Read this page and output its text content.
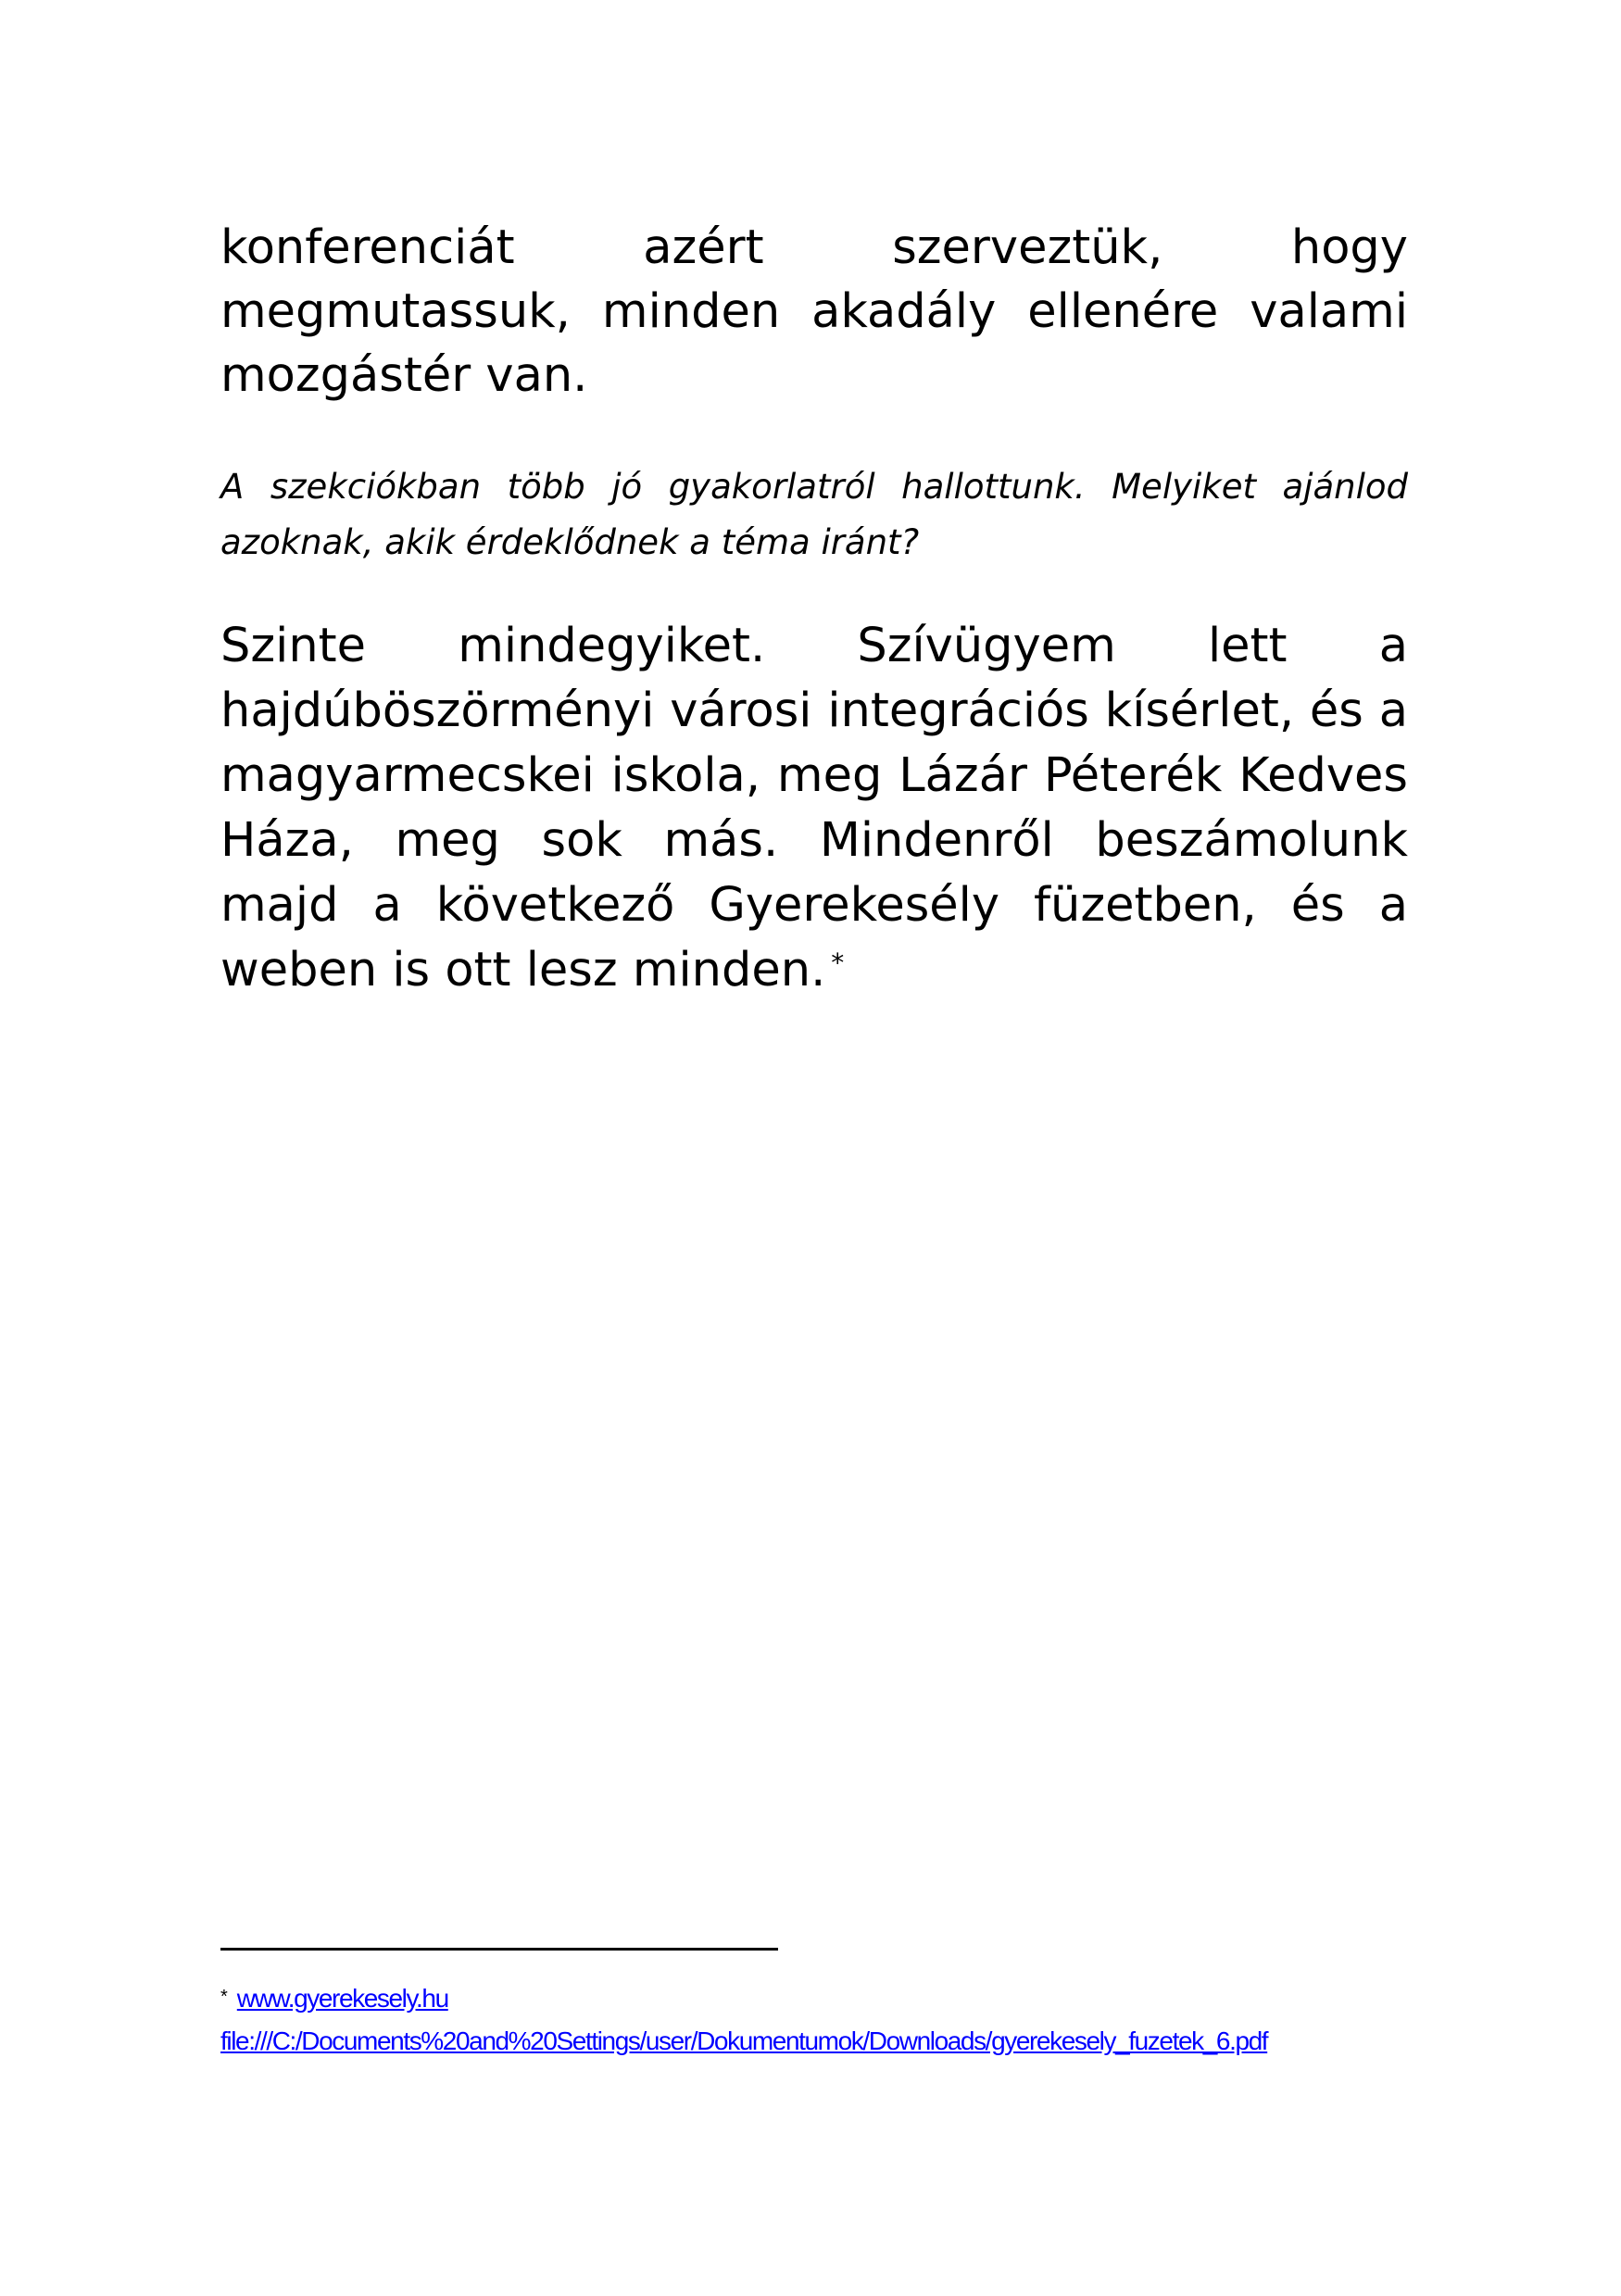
konferenciát azért szerveztük, hogy megmutassuk, minden akadály ellenére valami mozgástér van.

A szekciókban több jó gyakorlatról hallottunk. Melyiket ajánlod azoknak, akik érdeklődnek a téma iránt?

Szinte mindegyiket. Szívügyem lett a hajdúböszörményi városi integrációs kísérlet, és a magyarmecskei iskola, meg Lázár Péterék Kedves Háza, meg sok más. Mindenről beszámolunk majd a következő Gyerekesély füzetben, és a weben is ott lesz minden. *

* www.gyerekesely.hu
file:///C:/Documents%20and%20Settings/user/Dokumentumok/Downloads/gyerekesely_fuzetek_6.pdf
